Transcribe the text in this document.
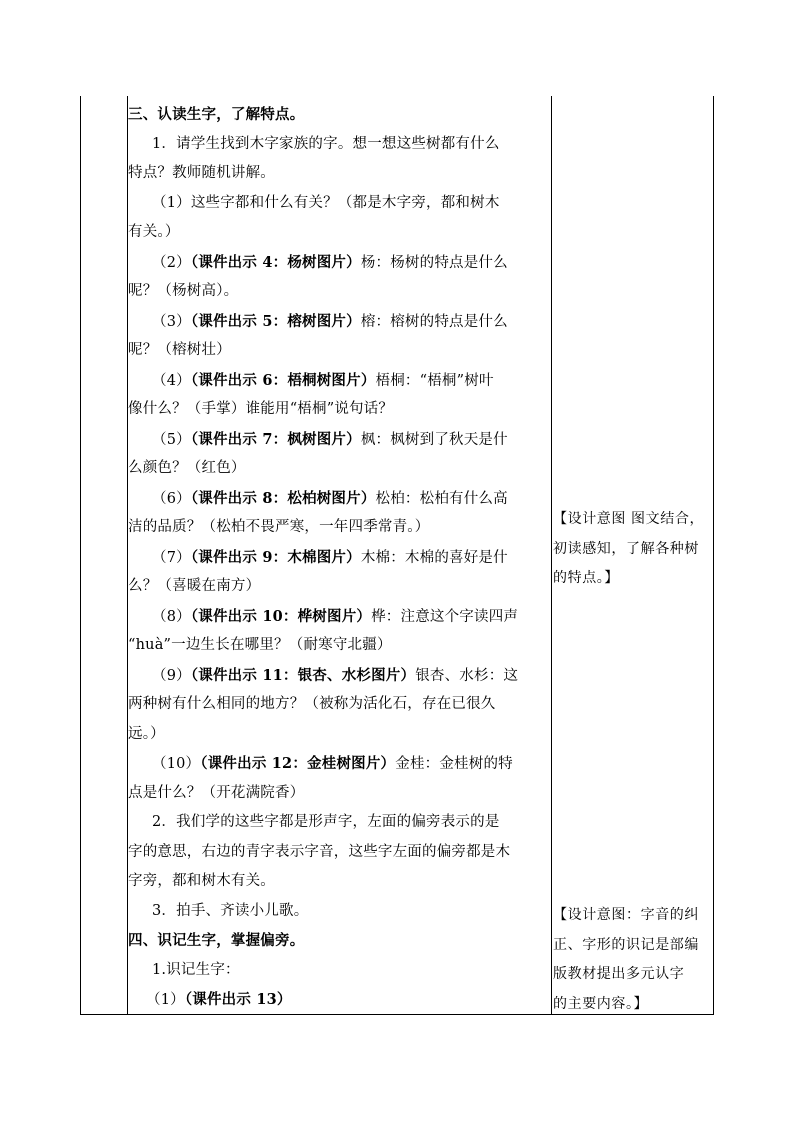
三、认读生字，了解特点。
1．请学生找到木字家族的字。想一想这些树都有什么
特点？教师随机讲解。
（1）这些字都和什么有关？（都是木字旁，都和树木
有关。）
（2）（课件出示 4：杨树图片）杨：杨树的特点是什么
呢？（杨树高）。
（3）（课件出示 5：榕树图片）榕：榕树的特点是什么
呢？（榕树壮）
（4）（课件出示 6：梧桐树图片）梧桐：“梧桐”树叶
像什么？（手掌）谁能用“梧桐”说句话？
（5）（课件出示 7：枫树图片）枫：枫树到了秋天是什
么颜色？（红色）
（6）（课件出示 8：松柏树图片）松柏：松柏有什么高
洁的品质？（松柏不畏严寒，一年四季常青。）
（7）（课件出示 9：木棉图片）木棉：木棉的喜好是什
么？（喜暖在南方）
（8）（课件出示 10：桦树图片）桦：注意这个字读四声
“huà”一边生长在哪里？（耐寒守北疆）
（9）（课件出示 11：银杏、水杉图片）银杏、水杉：这
两种树有什么相同的地方？（被称为活化石，存在已很久
远。）
（10）（课件出示 12：金桂树图片）金桂：金桂树的特
点是什么？（开花满院香）
2．我们学的这些字都是形声字，左面的偏旁表示的是
字的意思，右边的青字表示字音，这些字左面的偏旁都是木
字旁，都和树木有关。
3．拍手、齐读小儿歌。
四、识记生字，掌握偏旁。
1.识记生字：
（1）（课件出示 13）
【设计意图 图文结合，
初读感知，了解各种树
的特点。】
【设计意图：字音的纠
正、字形的识记是部编
版教材提出多元认字
的主要内容。】
